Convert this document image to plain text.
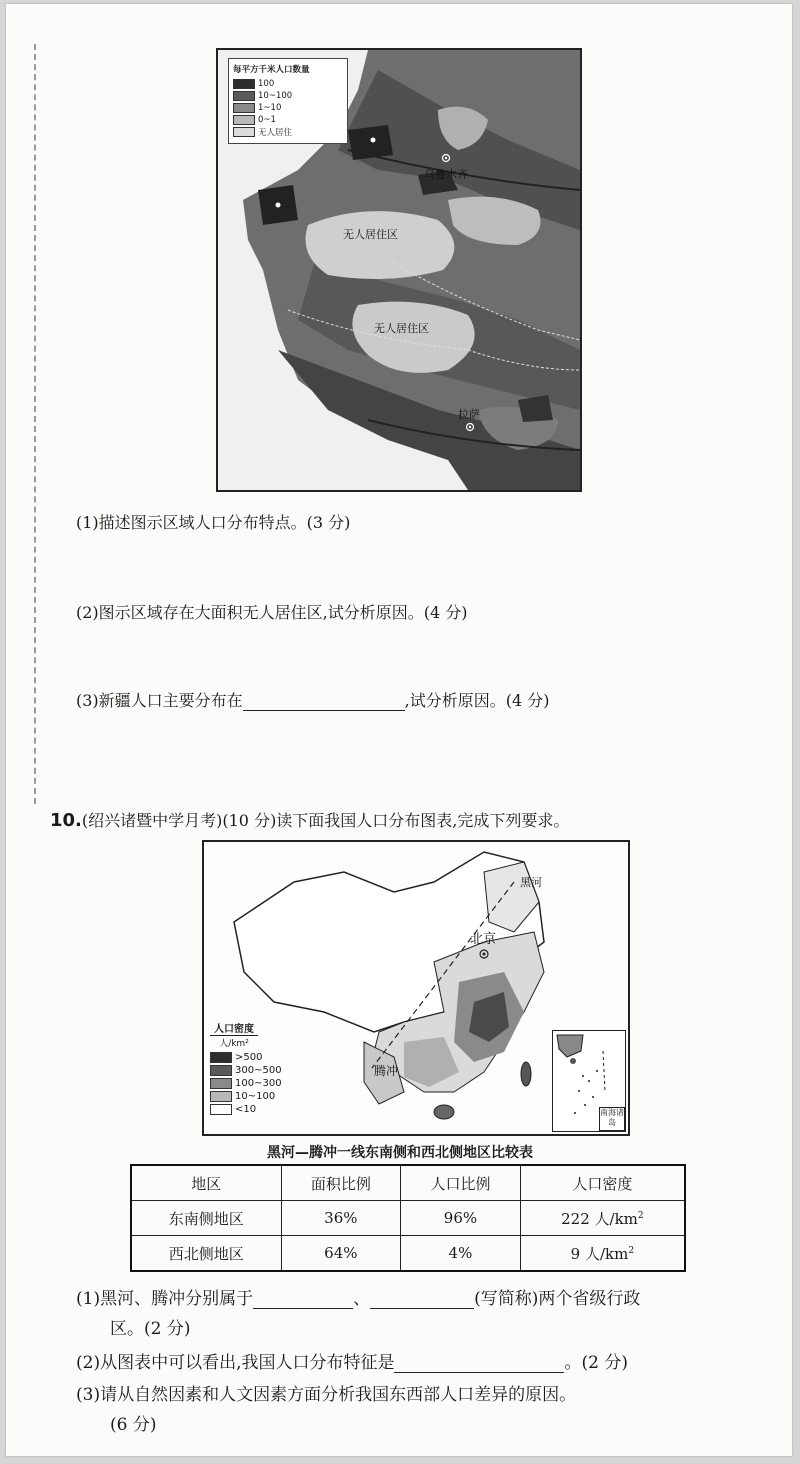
每平方千米人口数量
100
10~100
1~10
0~1
无人居住
乌鲁木齐
无人居住区
无人居住区
拉萨
(1)描述图示区域人口分布特点。(3 分)
(2)图示区域存在大面积无人居住区,试分析原因。(4 分)
(3)新疆人口主要分布在	,试分析原因。(4 分)
10.(绍兴诸暨中学月考)(10 分)读下面我国人口分布图表,完成下列要求。
黑河
北京
腾冲
人口密度
人/km²
>500
300~500
100~300
10~100
<10	南海诸岛
黑河—腾冲一线东南侧和西北侧地区比较表
地区	面积比例	人口比例	人口密度
东南侧地区	36%	96%	222 人$/km^2$
西北侧地区	64%	4%	9 人$/km^2$
(1)黑河、腾冲分别属于	、	(写简称)两个省级行政
区。(2 分)
(2)从图表中可以看出,我国人口分布特征是	。(2 分)
(3)请从自然因素和人文因素方面分析我国东西部人口差异的原因。
(6 分)
